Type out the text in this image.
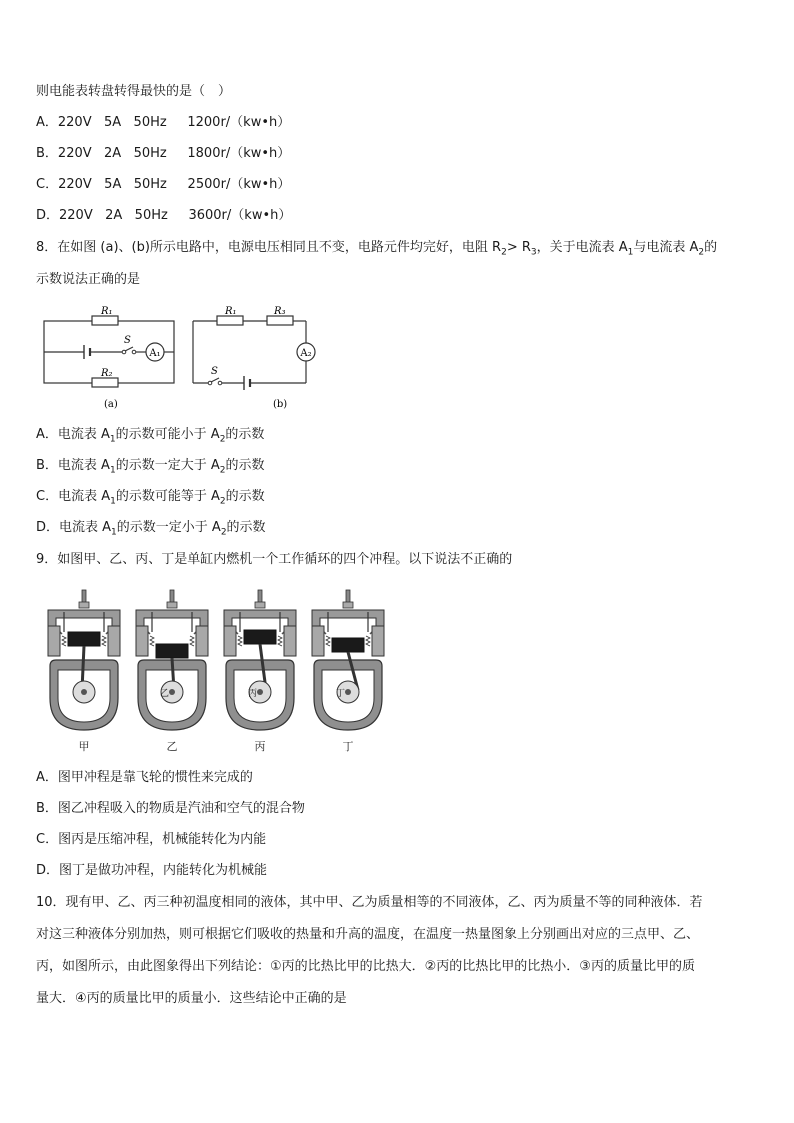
则电能表转盘转得最快的是（　）
A．220V   5A   50Hz     1200r/（kw•h）
B．220V   2A   50Hz     1800r/（kw•h）
C．220V   5A   50Hz     2500r/（kw•h）
D．220V   2A   50Hz     3600r/（kw•h）
8．在如图 (a)、(b)所示电路中，电源电压相同且不变，电路元件均完好，电阻 $R_2> R_3$，关于电流表 $A_1$与电流表 $A_2$的
示数说法正确的是
A₁
R₁
R₂
S
(a)
R₁	R₃
A₂
S
(b)
A．电流表 $A_1$的示数可能小于 $A_2$的示数
B．电流表 $A_1$的示数一定大于 $A_2$的示数
C．电流表 $A_1$的示数可能等于 $A_2$的示数
D．电流表 $A_1$的示数一定小于 $A_2$的示数
9．如图甲、乙、丙、丁是单缸内燃机一个工作循环的四个冲程。以下说法不正确的
甲
乙
乙
丙
丙
丁
丁
A．图甲冲程是靠飞轮的惯性来完成的
B．图乙冲程吸入的物质是汽油和空气的混合物
C．图丙是压缩冲程，机械能转化为内能
D．图丁是做功冲程，内能转化为机械能
10．现有甲、乙、丙三种初温度相同的液体，其中甲、乙为质量相等的不同液体，乙、丙为质量不等的同种液体．若
对这三种液体分别加热，则可根据它们吸收的热量和升高的温度，在温度一热量图象上分别画出对应的三点甲、乙、
丙，如图所示，由此图象得出下列结论：①丙的比热比甲的比热大．②丙的比热比甲的比热小．③丙的质量比甲的质
量大．④丙的质量比甲的质量小．这些结论中正确的是
